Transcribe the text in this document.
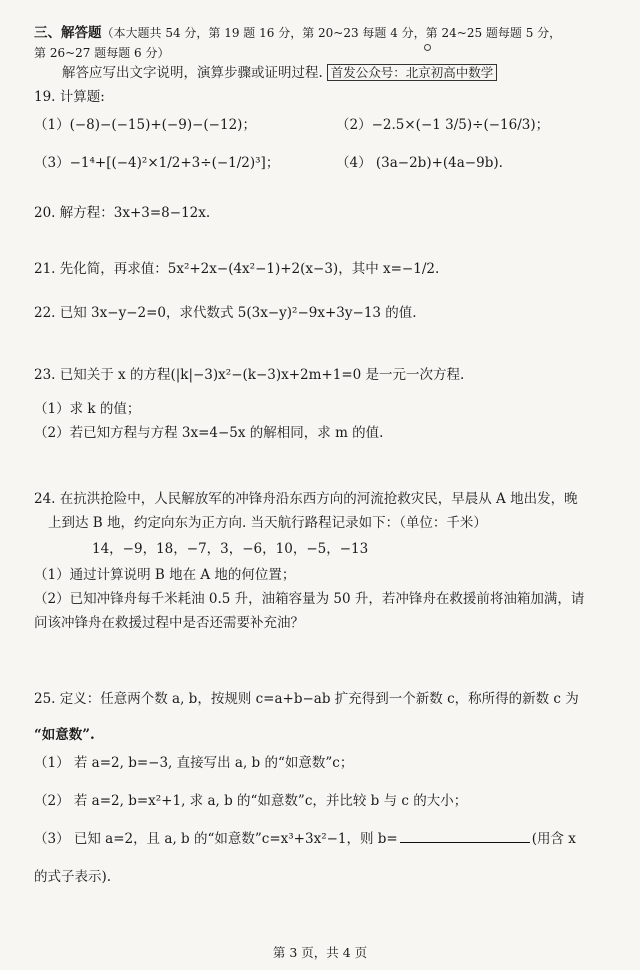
三、解答题（本大题共 54 分，第 19 题 16 分，第 20~23 每题 4 分，第 24~25 题每题 5 分，
第 26~27 题每题 6 分）
解答应写出文字说明，演算步骤或证明过程. 首发公众号：北京初高中数学
19. 计算题:
（1）(−8)−(−15)+(−9)−(−12)；	（2）−2.5×(−1 3/5)÷(−16/3)；
（3）−1⁴+[(−4)²×1/2+3÷(−1/2)³]；	（4） (3a−2b)+(4a−9b).
20. 解方程：3x+3=8−12x.
21. 先化简，再求值：5x²+2x−(4x²−1)+2(x−3)，其中 x=−1/2.
22. 已知 3x−y−2=0，求代数式 5(3x−y)²−9x+3y−13 的值.
23. 已知关于 x 的方程(|k|−3)x²−(k−3)x+2m+1=0 是一元一次方程.
（1）求 k 的值；
（2）若已知方程与方程 3x=4−5x 的解相同，求 m 的值.
24. 在抗洪抢险中，人民解放军的冲锋舟沿东西方向的河流抢救灾民，早晨从 A 地出发，晚
上到达 B 地，约定向东为正方向. 当天航行路程记录如下：（单位：千米）
14，−9，18，−7，3，−6，10，−5，−13
（1）通过计算说明 B 地在 A 地的何位置；
（2）已知冲锋舟每千米耗油 0.5 升，油箱容量为 50 升，若冲锋舟在救援前将油箱加满，请
问该冲锋舟在救援过程中是否还需要补充油？
25. 定义：任意两个数 a, b，按规则 c=a+b−ab 扩充得到一个新数 c，称所得的新数 c 为
“如意数”.
（1） 若 a=2, b=−3, 直接写出 a, b 的“如意数”c；
（2） 若 a=2, b=x²+1, 求 a, b 的“如意数”c，并比较 b 与 c 的大小；
（3） 已知 a=2，且 a, b 的“如意数”c=x³+3x²−1，则 b=	(用含 x
的式子表示).
第 3 页，共 4 页
